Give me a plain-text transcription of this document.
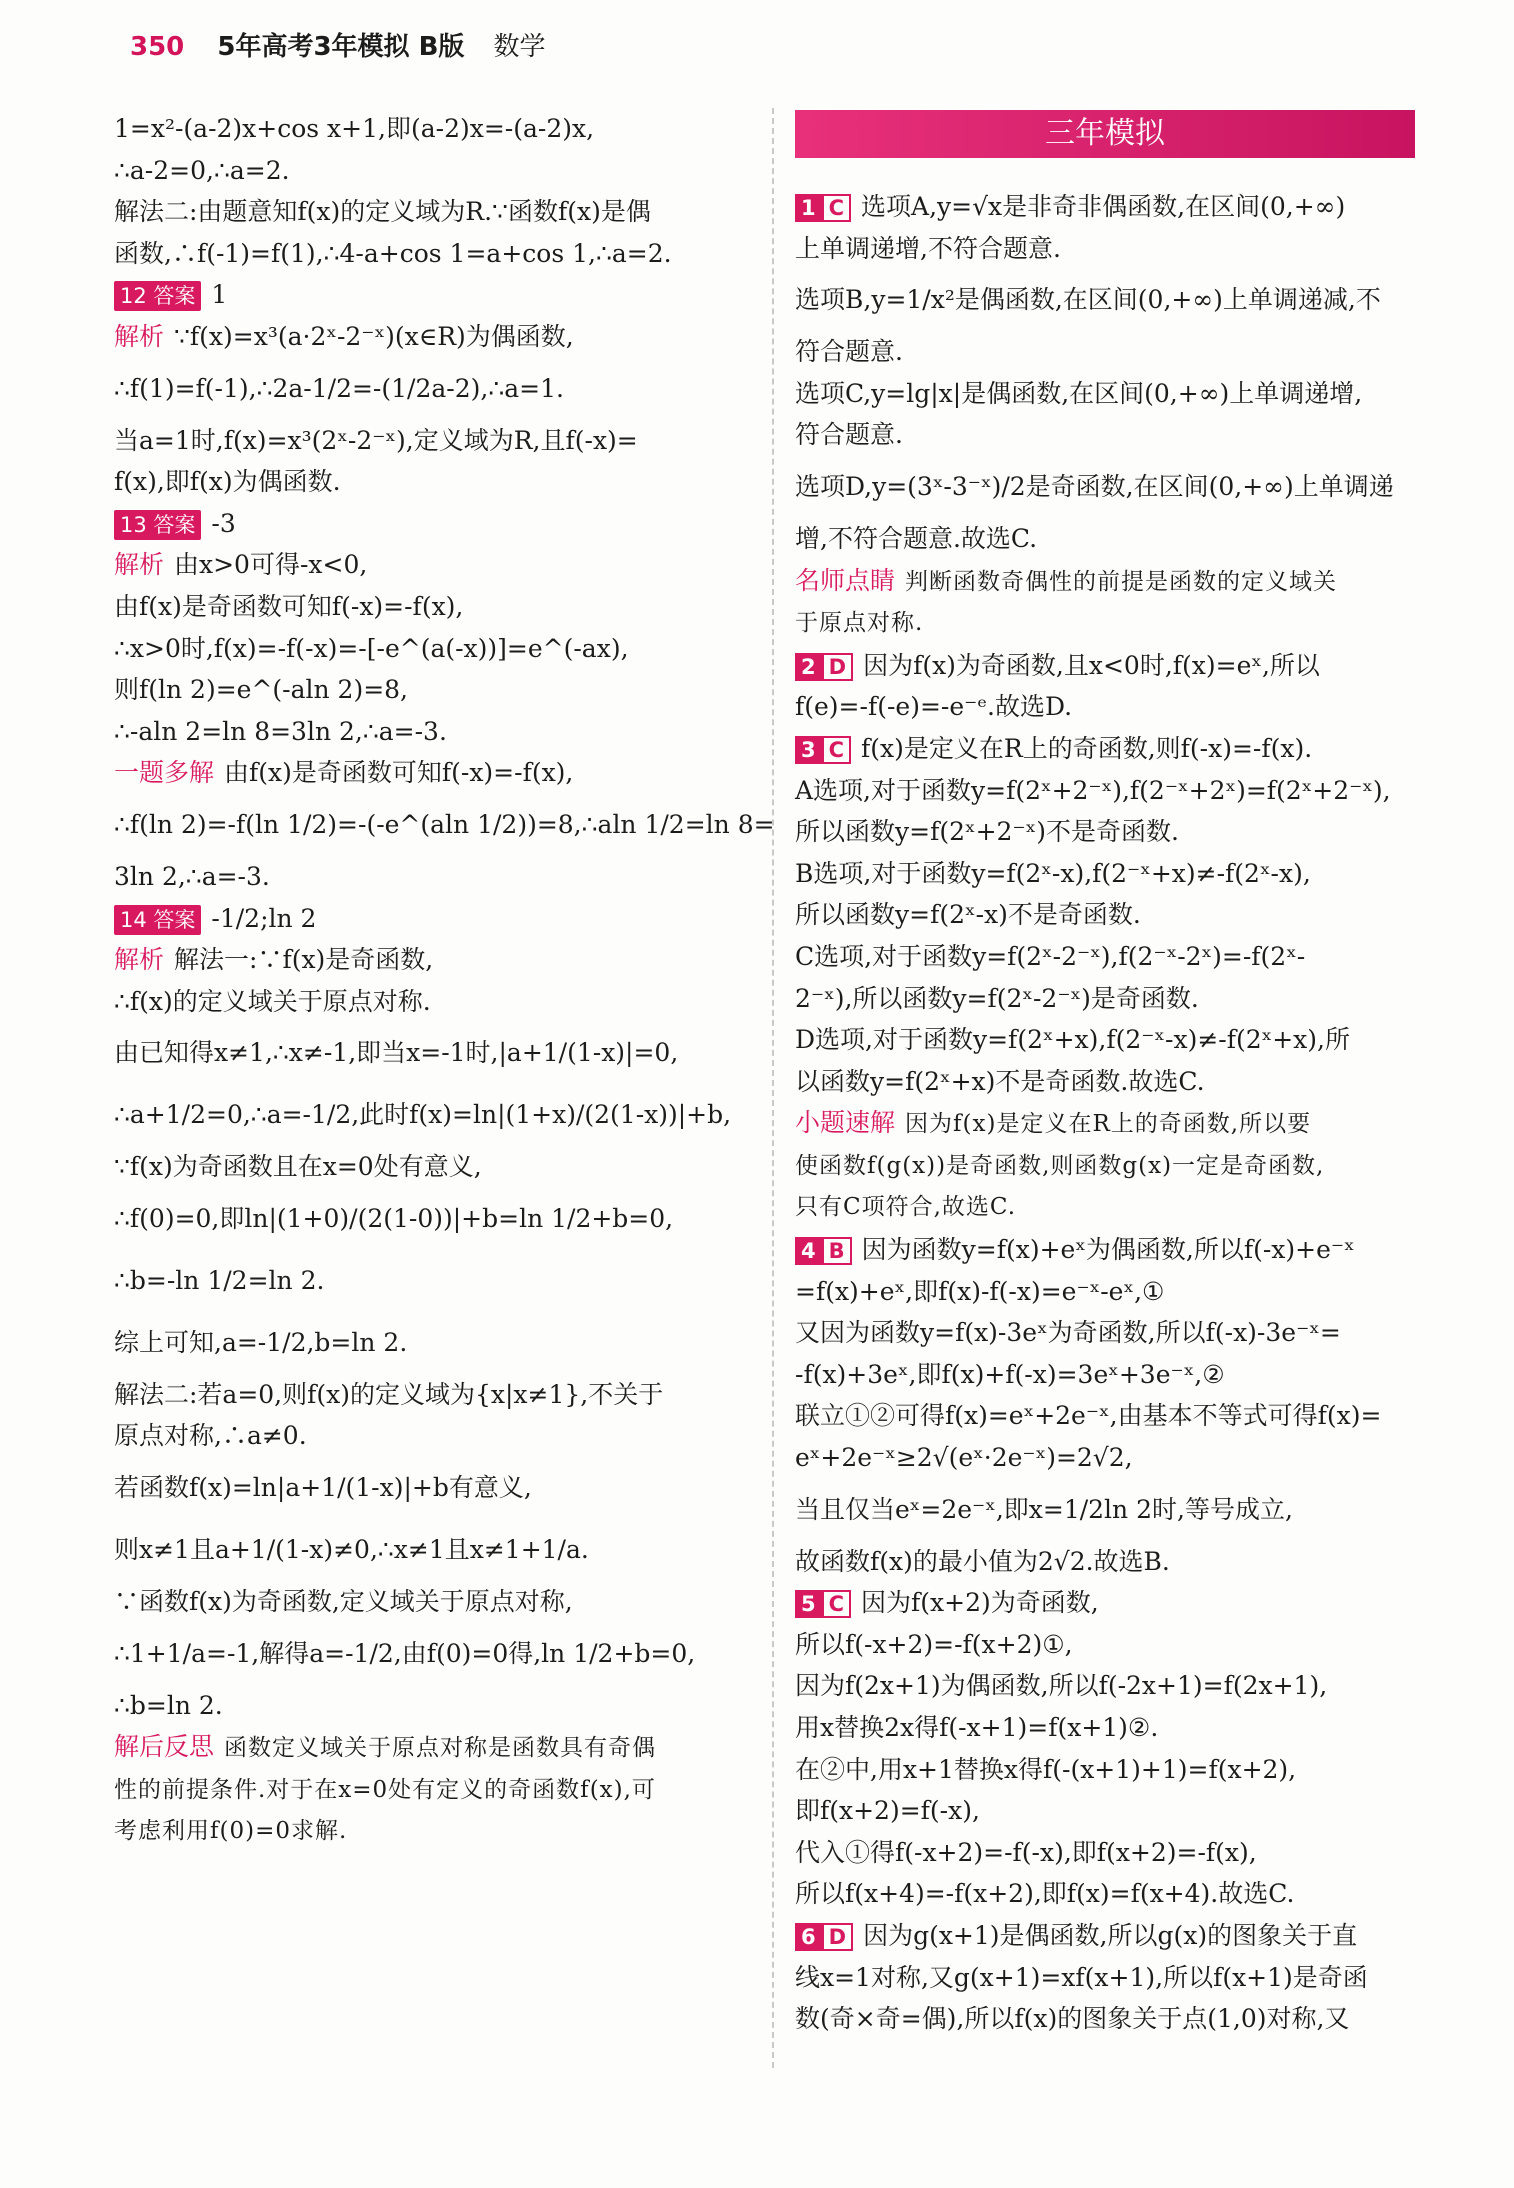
350 5年高考3年模拟 B版 数学
1=x²-(a-2)x+cos x+1,即(a-2)x=-(a-2)x,
∴a-2=0,∴a=2.
解法二:由题意知f(x)的定义域为R.∵函数f(x)是偶
函数,∴f(-1)=f(1),∴4-a+cos 1=a+cos 1,∴a=2.
12 答案 1
解析 ∵f(x)=x³(a·2ˣ-2⁻ˣ)(x∈R)为偶函数,
∴f(1)=f(-1),∴2a-1/2=-(1/2a-2),∴a=1.
当a=1时,f(x)=x³(2ˣ-2⁻ˣ),定义域为R,且f(-x)=
f(x),即f(x)为偶函数.
13 答案 -3
解析 由x>0可得-x<0,
由f(x)是奇函数可知f(-x)=-f(x),
∴x>0时,f(x)=-f(-x)=-[-e^(a(-x))]=e^(-ax),
则f(ln 2)=e^(-aln 2)=8,
∴-aln 2=ln 8=3ln 2,∴a=-3.
一题多解 由f(x)是奇函数可知f(-x)=-f(x),
∴f(ln 2)=-f(ln 1/2)=-(-e^(aln 1/2))=8,∴aln 1/2=ln 8=
3ln 2,∴a=-3.
14 答案 -1/2;ln 2
解析 解法一:∵f(x)是奇函数,
∴f(x)的定义域关于原点对称.
由已知得x≠1,∴x≠-1,即当x=-1时,|a+1/(1-x)|=0,
∴a+1/2=0,∴a=-1/2,此时f(x)=ln|(1+x)/(2(1-x))|+b,
∵f(x)为奇函数且在x=0处有意义,
∴f(0)=0,即ln|(1+0)/(2(1-0))|+b=ln 1/2+b=0,
∴b=-ln 1/2=ln 2.
综上可知,a=-1/2,b=ln 2.
解法二:若a=0,则f(x)的定义域为{x|x≠1},不关于
原点对称,∴a≠0.
若函数f(x)=ln|a+1/(1-x)|+b有意义,
则x≠1且a+1/(1-x)≠0,∴x≠1且x≠1+1/a.
∵函数f(x)为奇函数,定义域关于原点对称,
∴1+1/a=-1,解得a=-1/2,由f(0)=0得,ln 1/2+b=0,
∴b=ln 2.
解后反思 函数定义域关于原点对称是函数具有奇偶
性的前提条件.对于在x=0处有定义的奇函数f(x),可
考虑利用f(0)=0求解.
三年模拟
1 C 选项A,y=√x是非奇非偶函数,在区间(0,+∞)
上单调递增,不符合题意.
选项B,y=1/x²是偶函数,在区间(0,+∞)上单调递减,不
符合题意.
选项C,y=lg|x|是偶函数,在区间(0,+∞)上单调递增,
符合题意.
选项D,y=(3ˣ-3⁻ˣ)/2是奇函数,在区间(0,+∞)上单调递
增,不符合题意.故选C.
名师点睛 判断函数奇偶性的前提是函数的定义域关
于原点对称.
2 D 因为f(x)为奇函数,且x<0时,f(x)=eˣ,所以
f(e)=-f(-e)=-e⁻ᵉ.故选D.
3 C f(x)是定义在R上的奇函数,则f(-x)=-f(x).
A选项,对于函数y=f(2ˣ+2⁻ˣ),f(2⁻ˣ+2ˣ)=f(2ˣ+2⁻ˣ),
所以函数y=f(2ˣ+2⁻ˣ)不是奇函数.
B选项,对于函数y=f(2ˣ-x),f(2⁻ˣ+x)≠-f(2ˣ-x),
所以函数y=f(2ˣ-x)不是奇函数.
C选项,对于函数y=f(2ˣ-2⁻ˣ),f(2⁻ˣ-2ˣ)=-f(2ˣ-
2⁻ˣ),所以函数y=f(2ˣ-2⁻ˣ)是奇函数.
D选项,对于函数y=f(2ˣ+x),f(2⁻ˣ-x)≠-f(2ˣ+x),所
以函数y=f(2ˣ+x)不是奇函数.故选C.
小题速解 因为f(x)是定义在R上的奇函数,所以要
使函数f(g(x))是奇函数,则函数g(x)一定是奇函数,
只有C项符合,故选C.
4 B 因为函数y=f(x)+eˣ为偶函数,所以f(-x)+e⁻ˣ
=f(x)+eˣ,即f(x)-f(-x)=e⁻ˣ-eˣ,①
又因为函数y=f(x)-3eˣ为奇函数,所以f(-x)-3e⁻ˣ=
-f(x)+3eˣ,即f(x)+f(-x)=3eˣ+3e⁻ˣ,②
联立①②可得f(x)=eˣ+2e⁻ˣ,由基本不等式可得f(x)=
eˣ+2e⁻ˣ≥2√(eˣ·2e⁻ˣ)=2√2,
当且仅当eˣ=2e⁻ˣ,即x=1/2ln 2时,等号成立,
故函数f(x)的最小值为2√2.故选B.
5 C 因为f(x+2)为奇函数,
所以f(-x+2)=-f(x+2)①,
因为f(2x+1)为偶函数,所以f(-2x+1)=f(2x+1),
用x替换2x得f(-x+1)=f(x+1)②.
在②中,用x+1替换x得f(-(x+1)+1)=f(x+2),
即f(x+2)=f(-x),
代入①得f(-x+2)=-f(-x),即f(x+2)=-f(x),
所以f(x+4)=-f(x+2),即f(x)=f(x+4).故选C.
6 D 因为g(x+1)是偶函数,所以g(x)的图象关于直
线x=1对称,又g(x+1)=xf(x+1),所以f(x+1)是奇函
数(奇×奇=偶),所以f(x)的图象关于点(1,0)对称,又
